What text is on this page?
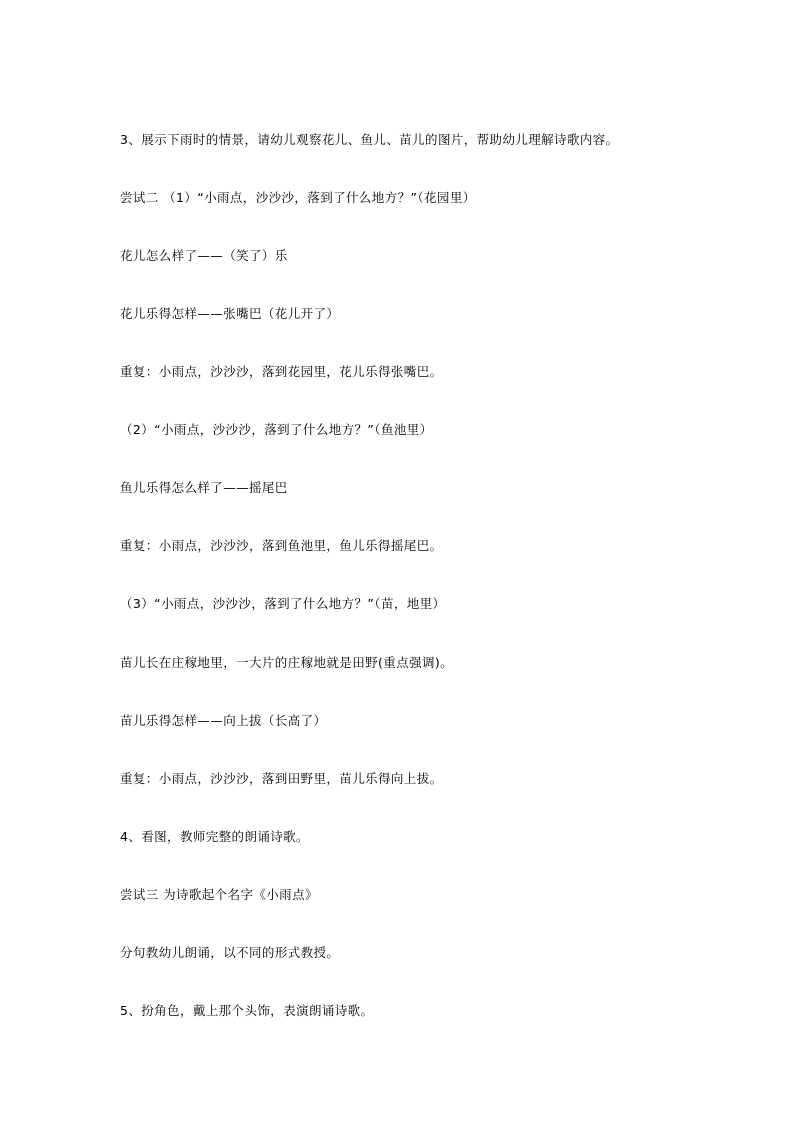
3、展示下雨时的情景，请幼儿观察花儿、鱼儿、苗儿的图片，帮助幼儿理解诗歌内容。

尝试二 （1）“小雨点，沙沙沙，落到了什么地方？”（花园里）

花儿怎么样了——（笑了）乐

花儿乐得怎样——张嘴巴（花儿开了）

重复：小雨点，沙沙沙，落到花园里，花儿乐得张嘴巴。

（2）“小雨点，沙沙沙，落到了什么地方？”（鱼池里）

鱼儿乐得怎么样了——摇尾巴

重复：小雨点，沙沙沙，落到鱼池里，鱼儿乐得摇尾巴。

（3）“小雨点，沙沙沙，落到了什么地方？”（苗，地里）

苗儿长在庄稼地里，一大片的庄稼地就是田野(重点强调)。

苗儿乐得怎样——向上拔（长高了）

重复：小雨点，沙沙沙，落到田野里，苗儿乐得向上拔。

4、看图，教师完整的朗诵诗歌。

尝试三 为诗歌起个名字《小雨点》

分句教幼儿朗诵，以不同的形式教授。

5、扮角色，戴上那个头饰，表演朗诵诗歌。
